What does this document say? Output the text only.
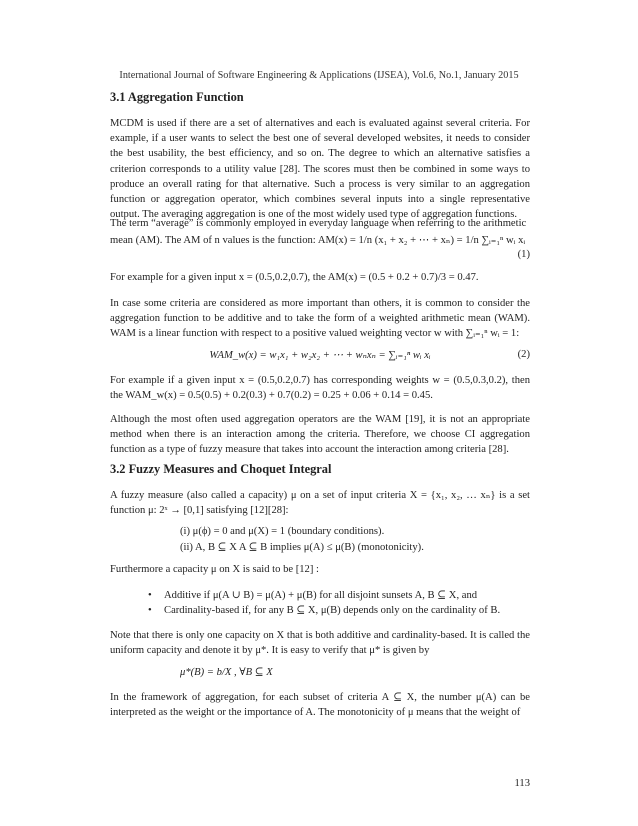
International Journal of Software Engineering & Applications (IJSEA), Vol.6, No.1, January 2015
3.1 Aggregation Function
MCDM is used if there are a set of alternatives and each is evaluated against several criteria. For example, if a user wants to select the best one of several developed websites, it needs to consider the best usability, the best efficiency, and so on. The degree to which an alternative satisfies a criterion corresponds to a utility value [28]. The scores must then be combined in some ways to produce an overall rating for that alternative. Such a process is very similar to an aggregation function or aggregation operator, which combines several inputs into a single representative output. The averaging aggregation is one of the most widely used type of aggregation functions.
The term “average” is commonly employed in everyday language when referring to the arithmetic
mean (AM). The AM of n values is the function: AM(x) = 1/n (x₁ + x₂ + ⋯ + xₙ) = 1/n ∑ᵢ₌₁ⁿ wᵢ xᵢ
(1)
For example for a given input x = (0.5,0.2,0.7), the AM(x) = (0.5 + 0.2 + 0.7)/3 = 0.47.
In case some criteria are considered as more important than others, it is common to consider the aggregation function to be additive and to take the form of a weighted arithmetic mean (WAM). WAM is a linear function with respect to a positive valued weighting vector w with ∑ᵢ₌₁ⁿ wᵢ = 1:
WAM_w(x) = w₁x₁ + w₂x₂ + ⋯ + wₙxₙ = ∑ᵢ₌₁ⁿ wᵢ xᵢ	(2)
For example if a given input x = (0.5,0.2,0.7) has corresponding weights w = (0.5,0.3,0.2), then the WAM_w(x) = 0.5(0.5) + 0.2(0.3) + 0.7(0.2) = 0.25 + 0.06 + 0.14 = 0.45.
Although the most often used aggregation operators are the WAM [19], it is not an appropriate method when there is an interaction among the criteria. Therefore, we choose CI aggregation function as a type of fuzzy measure that takes into account the interaction among criteria [28].
3.2 Fuzzy Measures and Choquet Integral
A fuzzy measure (also called a capacity) μ on a set of input criteria X = {x₁, x₂, … xₙ} is a set function μ: 2ˣ → [0,1] satisfying [12][28]:
(i) μ(ϕ) = 0 and μ(X) = 1 (boundary conditions).
(ii) A, B ⊆ X A ⊆ B implies μ(A) ≤ μ(B) (monotonicity).
Furthermore a capacity μ on X is said to be [12] :
• Additive if μ(A ∪ B) = μ(A) + μ(B) for all disjoint sunsets A, B ⊆ X, and
• Cardinality-based if, for any B ⊆ X, μ(B) depends only on the cardinality of B.
Note that there is only one capacity on X that is both additive and cardinality-based. It is called the uniform capacity and denote it by μ*. It is easy to verify that μ* is given by
μ*(B) = b/X , ∀B ⊆ X
In the framework of aggregation, for each subset of criteria A ⊆ X, the number μ(A) can be interpreted as the weight or the importance of A. The monotonicity of μ means that the weight of
113
